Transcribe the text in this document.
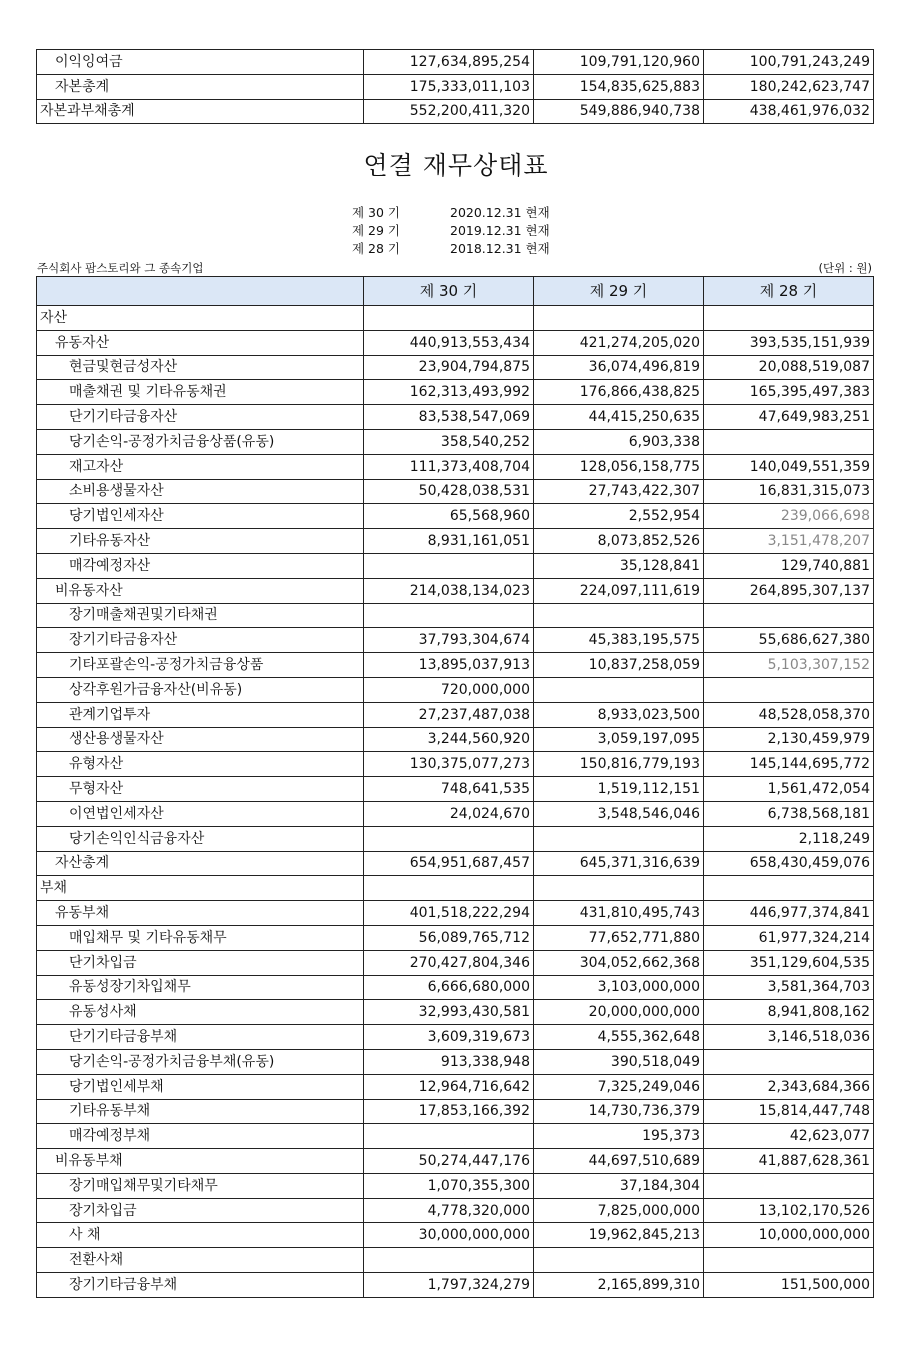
이익잉여금	127,634,895,254	109,791,120,960	100,791,243,249
자본총계	175,333,011,103	154,835,625,883	180,242,623,747
자본과부채총계	552,200,411,320	549,886,940,738	438,461,976,032
연결 재무상태표
제 30 기	2020.12.31 현재
제 29 기	2019.12.31 현재
제 28 기	2018.12.31 현재
주식회사 팜스토리와 그 종속기업	(단위 : 원)
	제 30 기	제 29 기	제 28 기
자산			
유동자산	440,913,553,434	421,274,205,020	393,535,151,939
현금및현금성자산	23,904,794,875	36,074,496,819	20,088,519,087
매출채권 및 기타유동채권	162,313,493,992	176,866,438,825	165,395,497,383
단기기타금융자산	83,538,547,069	44,415,250,635	47,649,983,251
당기손익-공정가치금융상품(유동)	358,540,252	6,903,338	
재고자산	111,373,408,704	128,056,158,775	140,049,551,359
소비용생물자산	50,428,038,531	27,743,422,307	16,831,315,073
당기법인세자산	65,568,960	2,552,954	239,066,698
기타유동자산	8,931,161,051	8,073,852,526	3,151,478,207
매각예정자산		35,128,841	129,740,881
비유동자산	214,038,134,023	224,097,111,619	264,895,307,137
장기매출채권및기타채권			
장기기타금융자산	37,793,304,674	45,383,195,575	55,686,627,380
기타포괄손익-공정가치금융상품	13,895,037,913	10,837,258,059	5,103,307,152
상각후원가금융자산(비유동)	720,000,000		
관계기업투자	27,237,487,038	8,933,023,500	48,528,058,370
생산용생물자산	3,244,560,920	3,059,197,095	2,130,459,979
유형자산	130,375,077,273	150,816,779,193	145,144,695,772
무형자산	748,641,535	1,519,112,151	1,561,472,054
이연법인세자산	24,024,670	3,548,546,046	6,738,568,181
당기손익인식금융자산			2,118,249
자산총계	654,951,687,457	645,371,316,639	658,430,459,076
부채			
유동부채	401,518,222,294	431,810,495,743	446,977,374,841
매입채무 및 기타유동채무	56,089,765,712	77,652,771,880	61,977,324,214
단기차입금	270,427,804,346	304,052,662,368	351,129,604,535
유동성장기차입채무	6,666,680,000	3,103,000,000	3,581,364,703
유동성사채	32,993,430,581	20,000,000,000	8,941,808,162
단기기타금융부채	3,609,319,673	4,555,362,648	3,146,518,036
당기손익-공정가치금융부채(유동)	913,338,948	390,518,049	
당기법인세부채	12,964,716,642	7,325,249,046	2,343,684,366
기타유동부채	17,853,166,392	14,730,736,379	15,814,447,748
매각예정부채		195,373	42,623,077
비유동부채	50,274,447,176	44,697,510,689	41,887,628,361
장기매입채무및기타채무	1,070,355,300	37,184,304	
장기차입금	4,778,320,000	7,825,000,000	13,102,170,526
사 채	30,000,000,000	19,962,845,213	10,000,000,000
전환사채			
장기기타금융부채	1,797,324,279	2,165,899,310	151,500,000
